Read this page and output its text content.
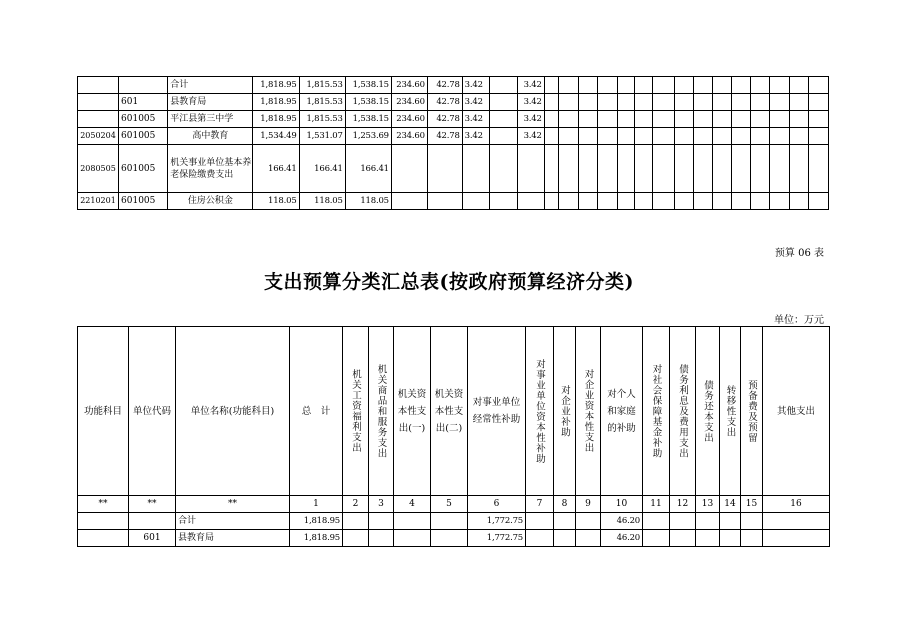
		合计	1,818.95	1,815.53	1,538.15	234.60	42.78	3.42		3.42															
	601	县教育局	1,818.95	1,815.53	1,538.15	234.60	42.78	3.42		3.42															
	601005	平江县第三中学	1,818.95	1,815.53	1,538.15	234.60	42.78	3.42		3.42															
2050204	601005	高中教育	1,534.49	1,531.07	1,253.69	234.60	42.78	3.42		3.42															
2080505	601005	机关事业单位基本养老保险缴费支出	166.41	166.41	166.41																				
2210201	601005	住房公积金	118.05	118.05	118.05																				
预算 06 表
支出预算分类汇总表(按政府预算经济分类)
单位：万元
功能科目	单位代码	单位名称(功能科目)	总　计	机关工资福利支出	机关商品和服务支出	机关资本性支出(一)	机关资本性支出(二)	对事业单位经常性补助	对事业单位资本性补助	对企业补助	对企业资本性支出	对个人和家庭的补助	对社会保障基金补助	债务利息及费用支出	债务还本支出	转移性支出	预备费及预留	其他支出
**	**	**	1	2	3	4	5	6	7	8	9	10	11	12	13	14	15	16
		合计	1,818.95					1,772.75				46.20						
	601	县教育局	1,818.95					1,772.75				46.20						
